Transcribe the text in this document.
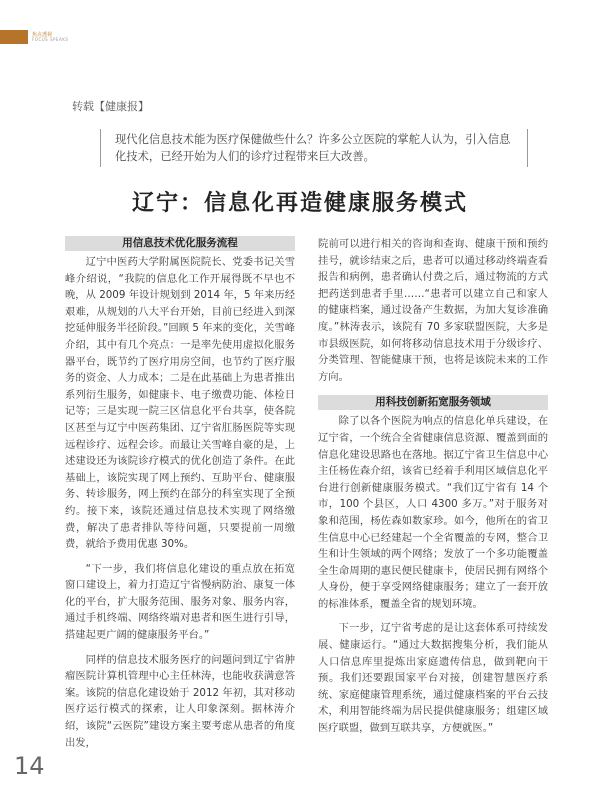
焦点透视
FOCUS SPEAKS
转载【健康报】
现代化信息技术能为医疗保健做些什么？许多公立医院的掌舵人认为，引入信息化技术，已经开始为人们的诊疗过程带来巨大改善。
辽宁：信息化再造健康服务模式
用信息技术优化服务流程

辽宁中医药大学附属医院院长、党委书记关雪峰介绍说，“我院的信息化工作开展得既不早也不晚，从 2009 年设计规划到 2014 年，5 年来历经艰难，从规划的八大平台开始，目前已经进入到深挖延伸服务半径阶段。”回顾 5 年来的变化，关雪峰介绍，其中有几个亮点：一是率先使用虚拟化服务器平台，既节约了医疗用房空间，也节约了医疗服务的资金、人力成本；二是在此基础上为患者推出系列衍生服务，如健康卡、电子缴费功能、体检日记等；三是实现一院三区信息化平台共享，使各院区甚至与辽宁中医药集团、辽宁省肛肠医院等实现远程诊疗、远程会诊。而最让关雪峰自豪的是，上述建设还为该院诊疗模式的优化创造了条件。在此基础上，该院实现了网上预约、互助平台、健康服务、转诊服务，网上预约在部分的科室实现了全预约。接下来，该院还通过信息技术实现了网络缴费，解决了患者排队等待问题，只要提前一周缴费，就给予费用优惠 30%。

“下一步，我们将信息化建设的重点放在拓宽窗口建设上，着力打造辽宁省慢病防治、康复一体化的平台，扩大服务范围、服务对象、服务内容，通过手机终端、网络终端对患者和医生进行引导，搭建起更广阔的健康服务平台。”

同样的信息技术服务医疗的问题问到辽宁省肿瘤医院计算机管理中心主任林涛，也能收获满意答案。该院的信息化建设始于 2012 年初，其对移动医疗运行模式的探索，让人印象深刻。据林涛介绍，该院“云医院”建设方案主要考虑从患者的角度出发，

院前可以进行相关的咨询和查询、健康干预和预约挂号，就诊结束之后，患者可以通过移动终端查看报告和病例，患者确认付费之后，通过物流的方式把药送到患者手里……“患者可以建立自己和家人的健康档案，通过设备产生数据，为加大复诊准确度。”林涛表示，该院有 70 多家联盟医院，大多是市县级医院，如何将移动信息技术用于分级诊疗、分类管理、智能健康干预，也将是该院未来的工作方向。

用科技创新拓宽服务领域

除了以各个医院为响点的信息化单兵建设，在辽宁省，一个统合全省健康信息资源、覆盖到面的信息化建设思路也在落地。据辽宁省卫生信息中心主任杨佐森介绍，该省已经着手利用区域信息化平台进行创新健康服务模式。“我们辽宁省有 14 个市，100 个县区，人口 4300 多万。”对于服务对象和范围，杨佐森如数家珍。如今，他所在的省卫生信息中心已经建起一个全省覆盖的专网，整合卫生和计生领域的两个网络；发放了一个多功能覆盖全生命周期的惠民便民健康卡，使居民拥有网络个人身份，便于享受网络健康服务；建立了一套开放的标准体系，覆盖全省的规划环境。

下一步，辽宁省考虑的是让这套体系可持续发展、健康运行。“通过大数据搜集分析，我们能从人口信息库里提炼出家庭遗传信息，做到靶向干预。我们还要跟国家平台对接，创建智慧医疗系统、家庭健康管理系统，通过健康档案的平台云技术，利用智能终端为居民提供健康服务；组建区域医疗联盟，做到互联共享，方便就医。”

14
